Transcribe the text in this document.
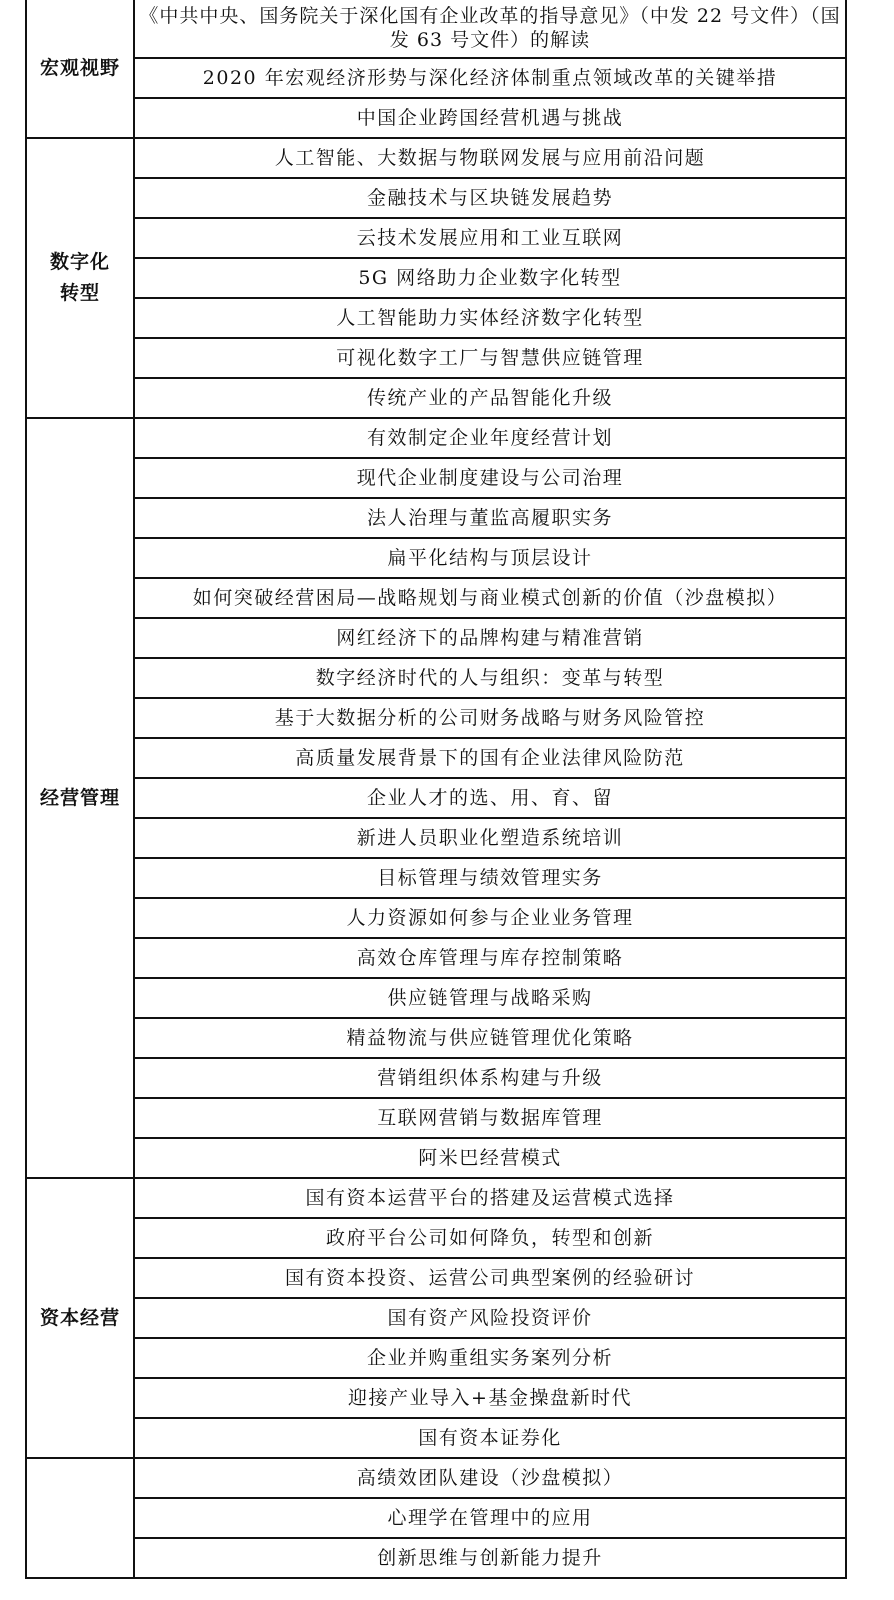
宏观视野	《中共中央、国务院关于深化国有企业改革的指导意见》（中发 22 号文件）（国发 63 号文件）的解读
	2020 年宏观经济形势与深化经济体制重点领域改革的关键举措
	中国企业跨国经营机遇与挑战
数字化
转型	人工智能、大数据与物联网发展与应用前沿问题
	金融技术与区块链发展趋势
	云技术发展应用和工业互联网
	5G 网络助力企业数字化转型
	人工智能助力实体经济数字化转型
	可视化数字工厂与智慧供应链管理
	传统产业的产品智能化升级
经营管理	有效制定企业年度经营计划
	现代企业制度建设与公司治理
	法人治理与董监高履职实务
	扁平化结构与顶层设计
	如何突破经营困局—战略规划与商业模式创新的价值（沙盘模拟）
	网红经济下的品牌构建与精准营销
	数字经济时代的人与组织：变革与转型
	基于大数据分析的公司财务战略与财务风险管控
	高质量发展背景下的国有企业法律风险防范
	企业人才的选、用、育、留
	新进人员职业化塑造系统培训
	目标管理与绩效管理实务
	人力资源如何参与企业业务管理
	高效仓库管理与库存控制策略
	供应链管理与战略采购
	精益物流与供应链管理优化策略
	营销组织体系构建与升级
	互联网营销与数据库管理
	阿米巴经营模式
资本经营	国有资本运营平台的搭建及运营模式选择
	政府平台公司如何降负，转型和创新
	国有资本投资、运营公司典型案例的经验研讨
	国有资产风险投资评价
	企业并购重组实务案列分析
	迎接产业导入+基金操盘新时代
	国有资本证券化
	高绩效团队建设（沙盘模拟）
	心理学在管理中的应用
	创新思维与创新能力提升
